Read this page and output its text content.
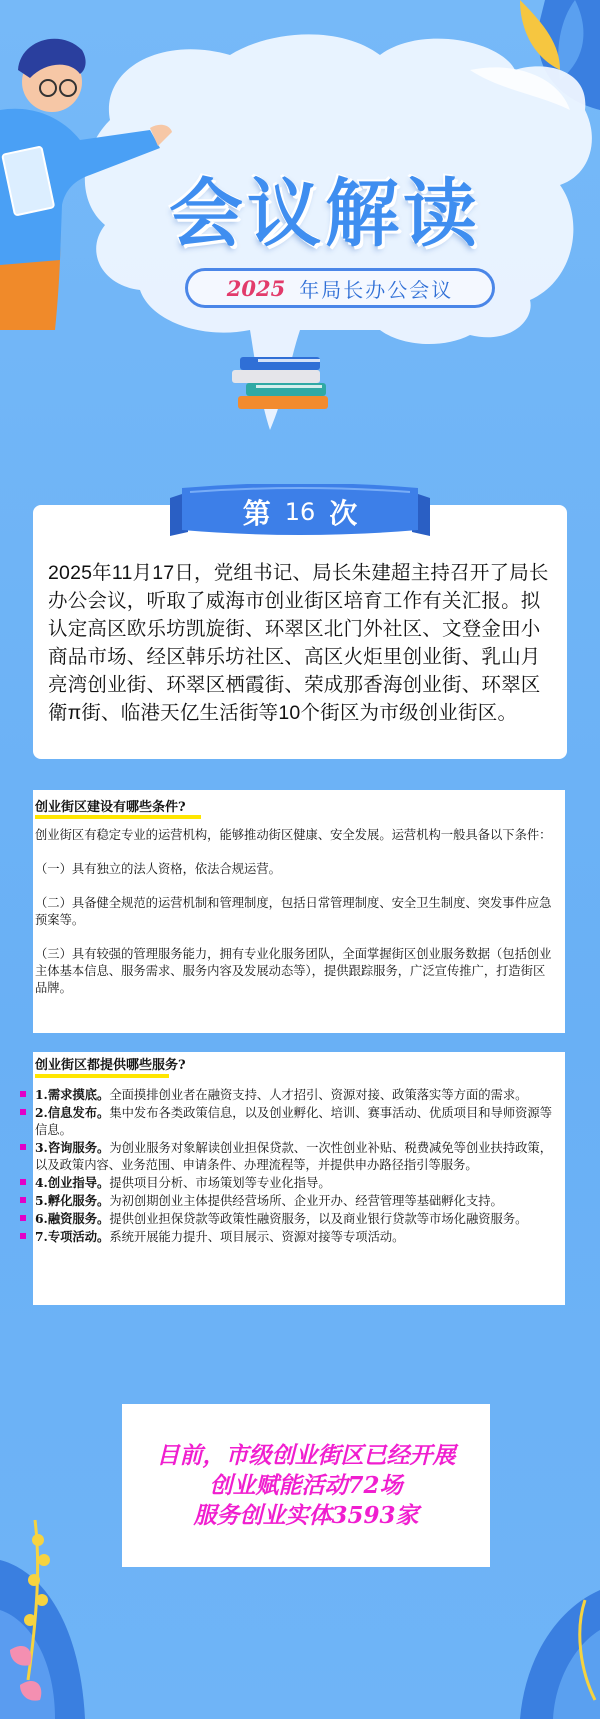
会议解读
2025 年局长办公会议
2025年11月17日，党组书记、局长朱建超主持召开了局长办公会议，听取了威海市创业街区培育工作有关汇报。拟认定高区欧乐坊凯旋街、环翠区北门外社区、文登金田小商品市场、经区韩乐坊社区、高区火炬里创业街、乳山月亮湾创业街、环翠区栖霞街、荣成那香海创业街、环翠区衛π街、临港天亿生活街等10个街区为市级创业街区。
第 16 次
创业街区建设有哪些条件?

创业街区有稳定专业的运营机构，能够推动街区健康、安全发展。运营机构一般具备以下条件：

（一）具有独立的法人资格，依法合规运营。

（二）具备健全规范的运营机制和管理制度，包括日常管理制度、安全卫生制度、突发事件应急预案等。

（三）具有较强的管理服务能力，拥有专业化服务团队，全面掌握街区创业服务数据（包括创业主体基本信息、服务需求、服务内容及发展动态等），提供跟踪服务，广泛宣传推广，打造街区品牌。

创业街区都提供哪些服务?
1.需求摸底。全面摸排创业者在融资支持、人才招引、资源对接、政策落实等方面的需求。
2.信息发布。集中发布各类政策信息，以及创业孵化、培训、赛事活动、优质项目和导师资源等信息。
3.咨询服务。为创业服务对象解读创业担保贷款、一次性创业补贴、税费减免等创业扶持政策，以及政策内容、业务范围、申请条件、办理流程等，并提供申办路径指引等服务。
4.创业指导。提供项目分析、市场策划等专业化指导。
5.孵化服务。为初创期创业主体提供经营场所、企业开办、经营管理等基础孵化支持。
6.融资服务。提供创业担保贷款等政策性融资服务，以及商业银行贷款等市场化融资服务。
7.专项活动。系统开展能力提升、项目展示、资源对接等专项活动。
目前，市级创业街区已经开展
创业赋能活动72场
服务创业实体3593家
